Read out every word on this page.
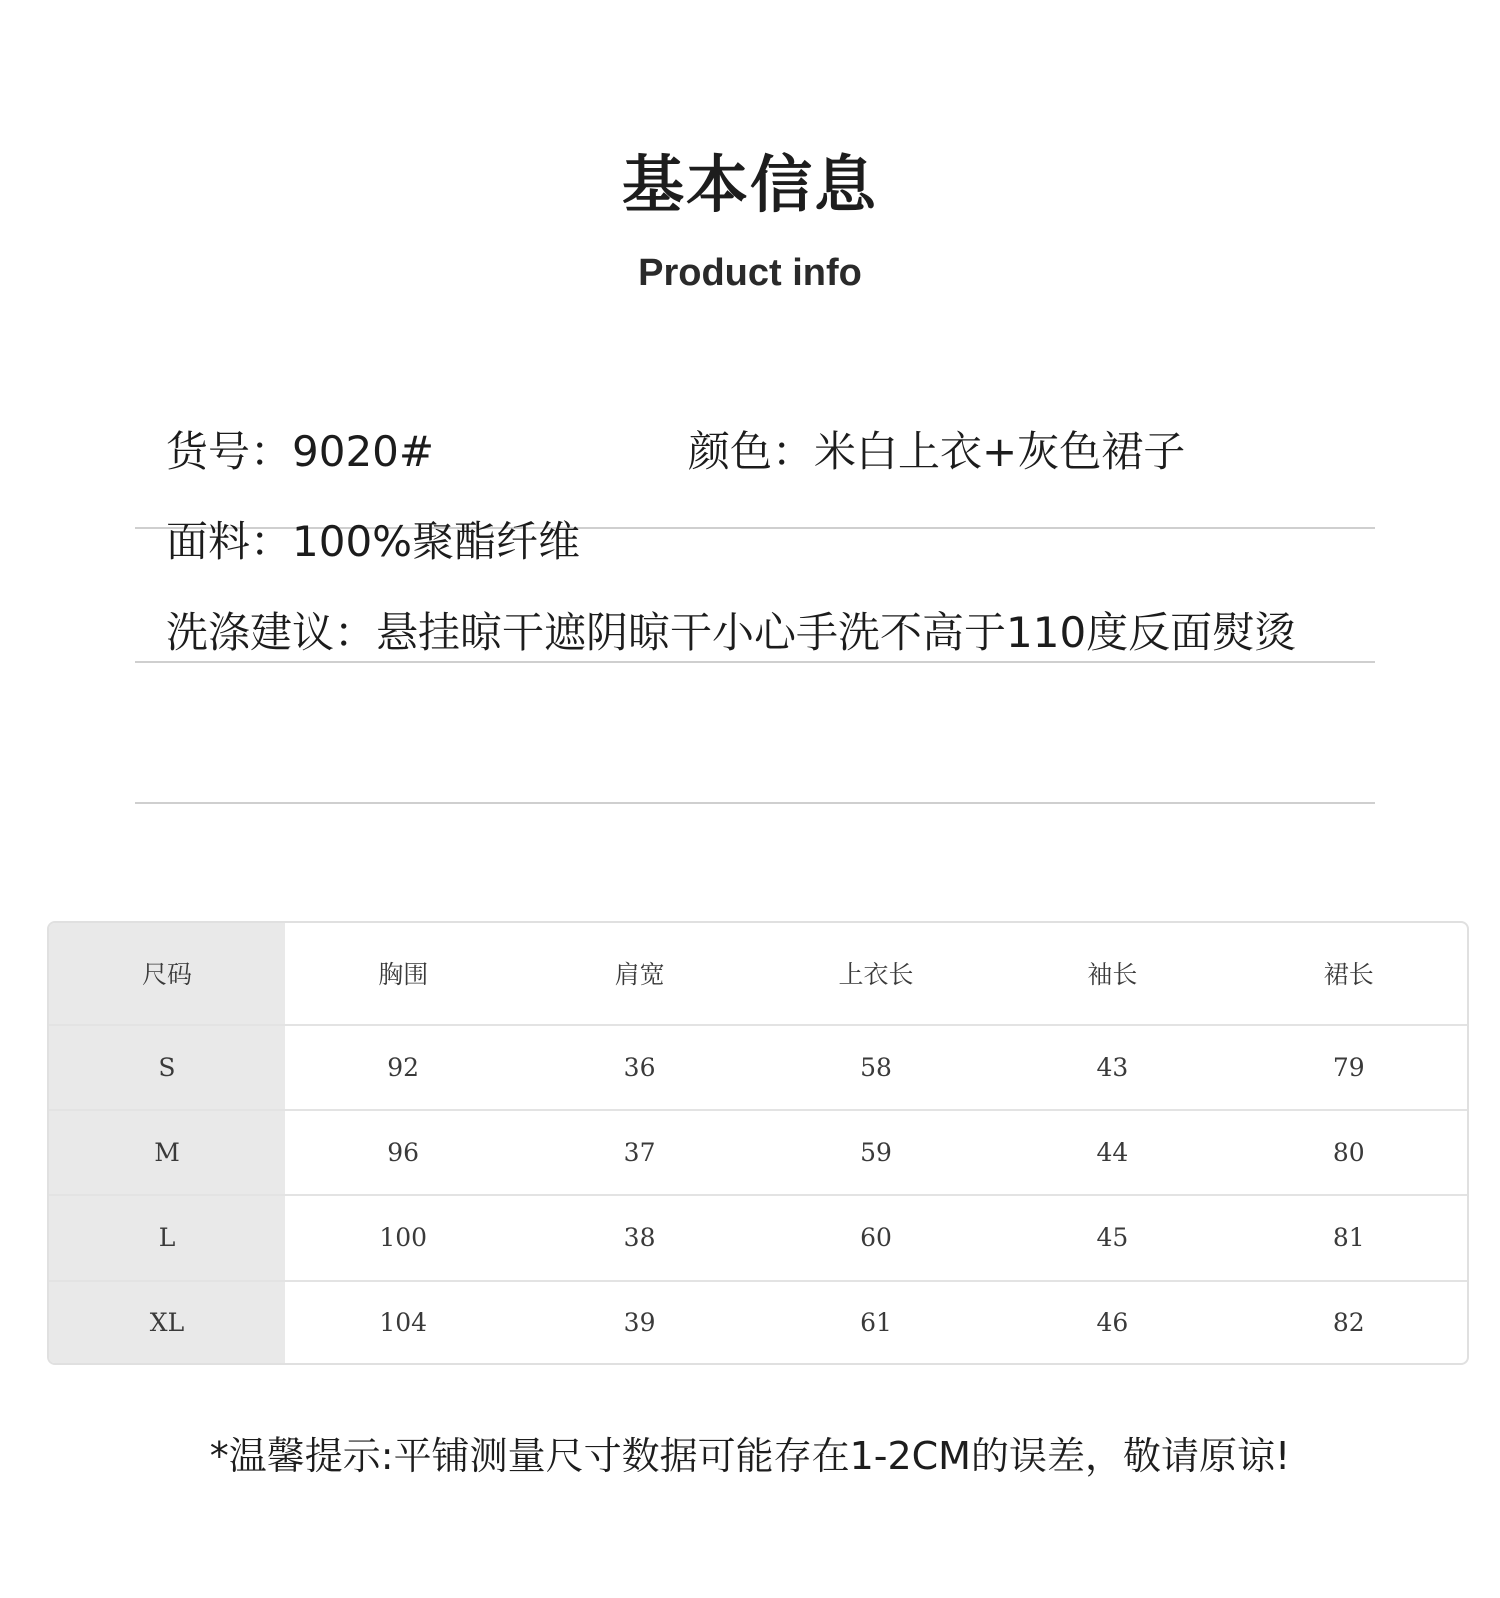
基本信息
Product info
货号：9020#	颜色：米白上衣+灰色裙子
面料：100%聚酯纤维
洗涤建议：悬挂晾干遮阴晾干小心手洗不高于110度反面熨烫
尺码	胸围	肩宽	上衣长	袖长	裙长
S	92	36	58	43	79
M	96	37	59	44	80
L	100	38	60	45	81
XL	104	39	61	46	82
*温馨提示:平铺测量尺寸数据可能存在1-2CM的误差，敬请原谅!
